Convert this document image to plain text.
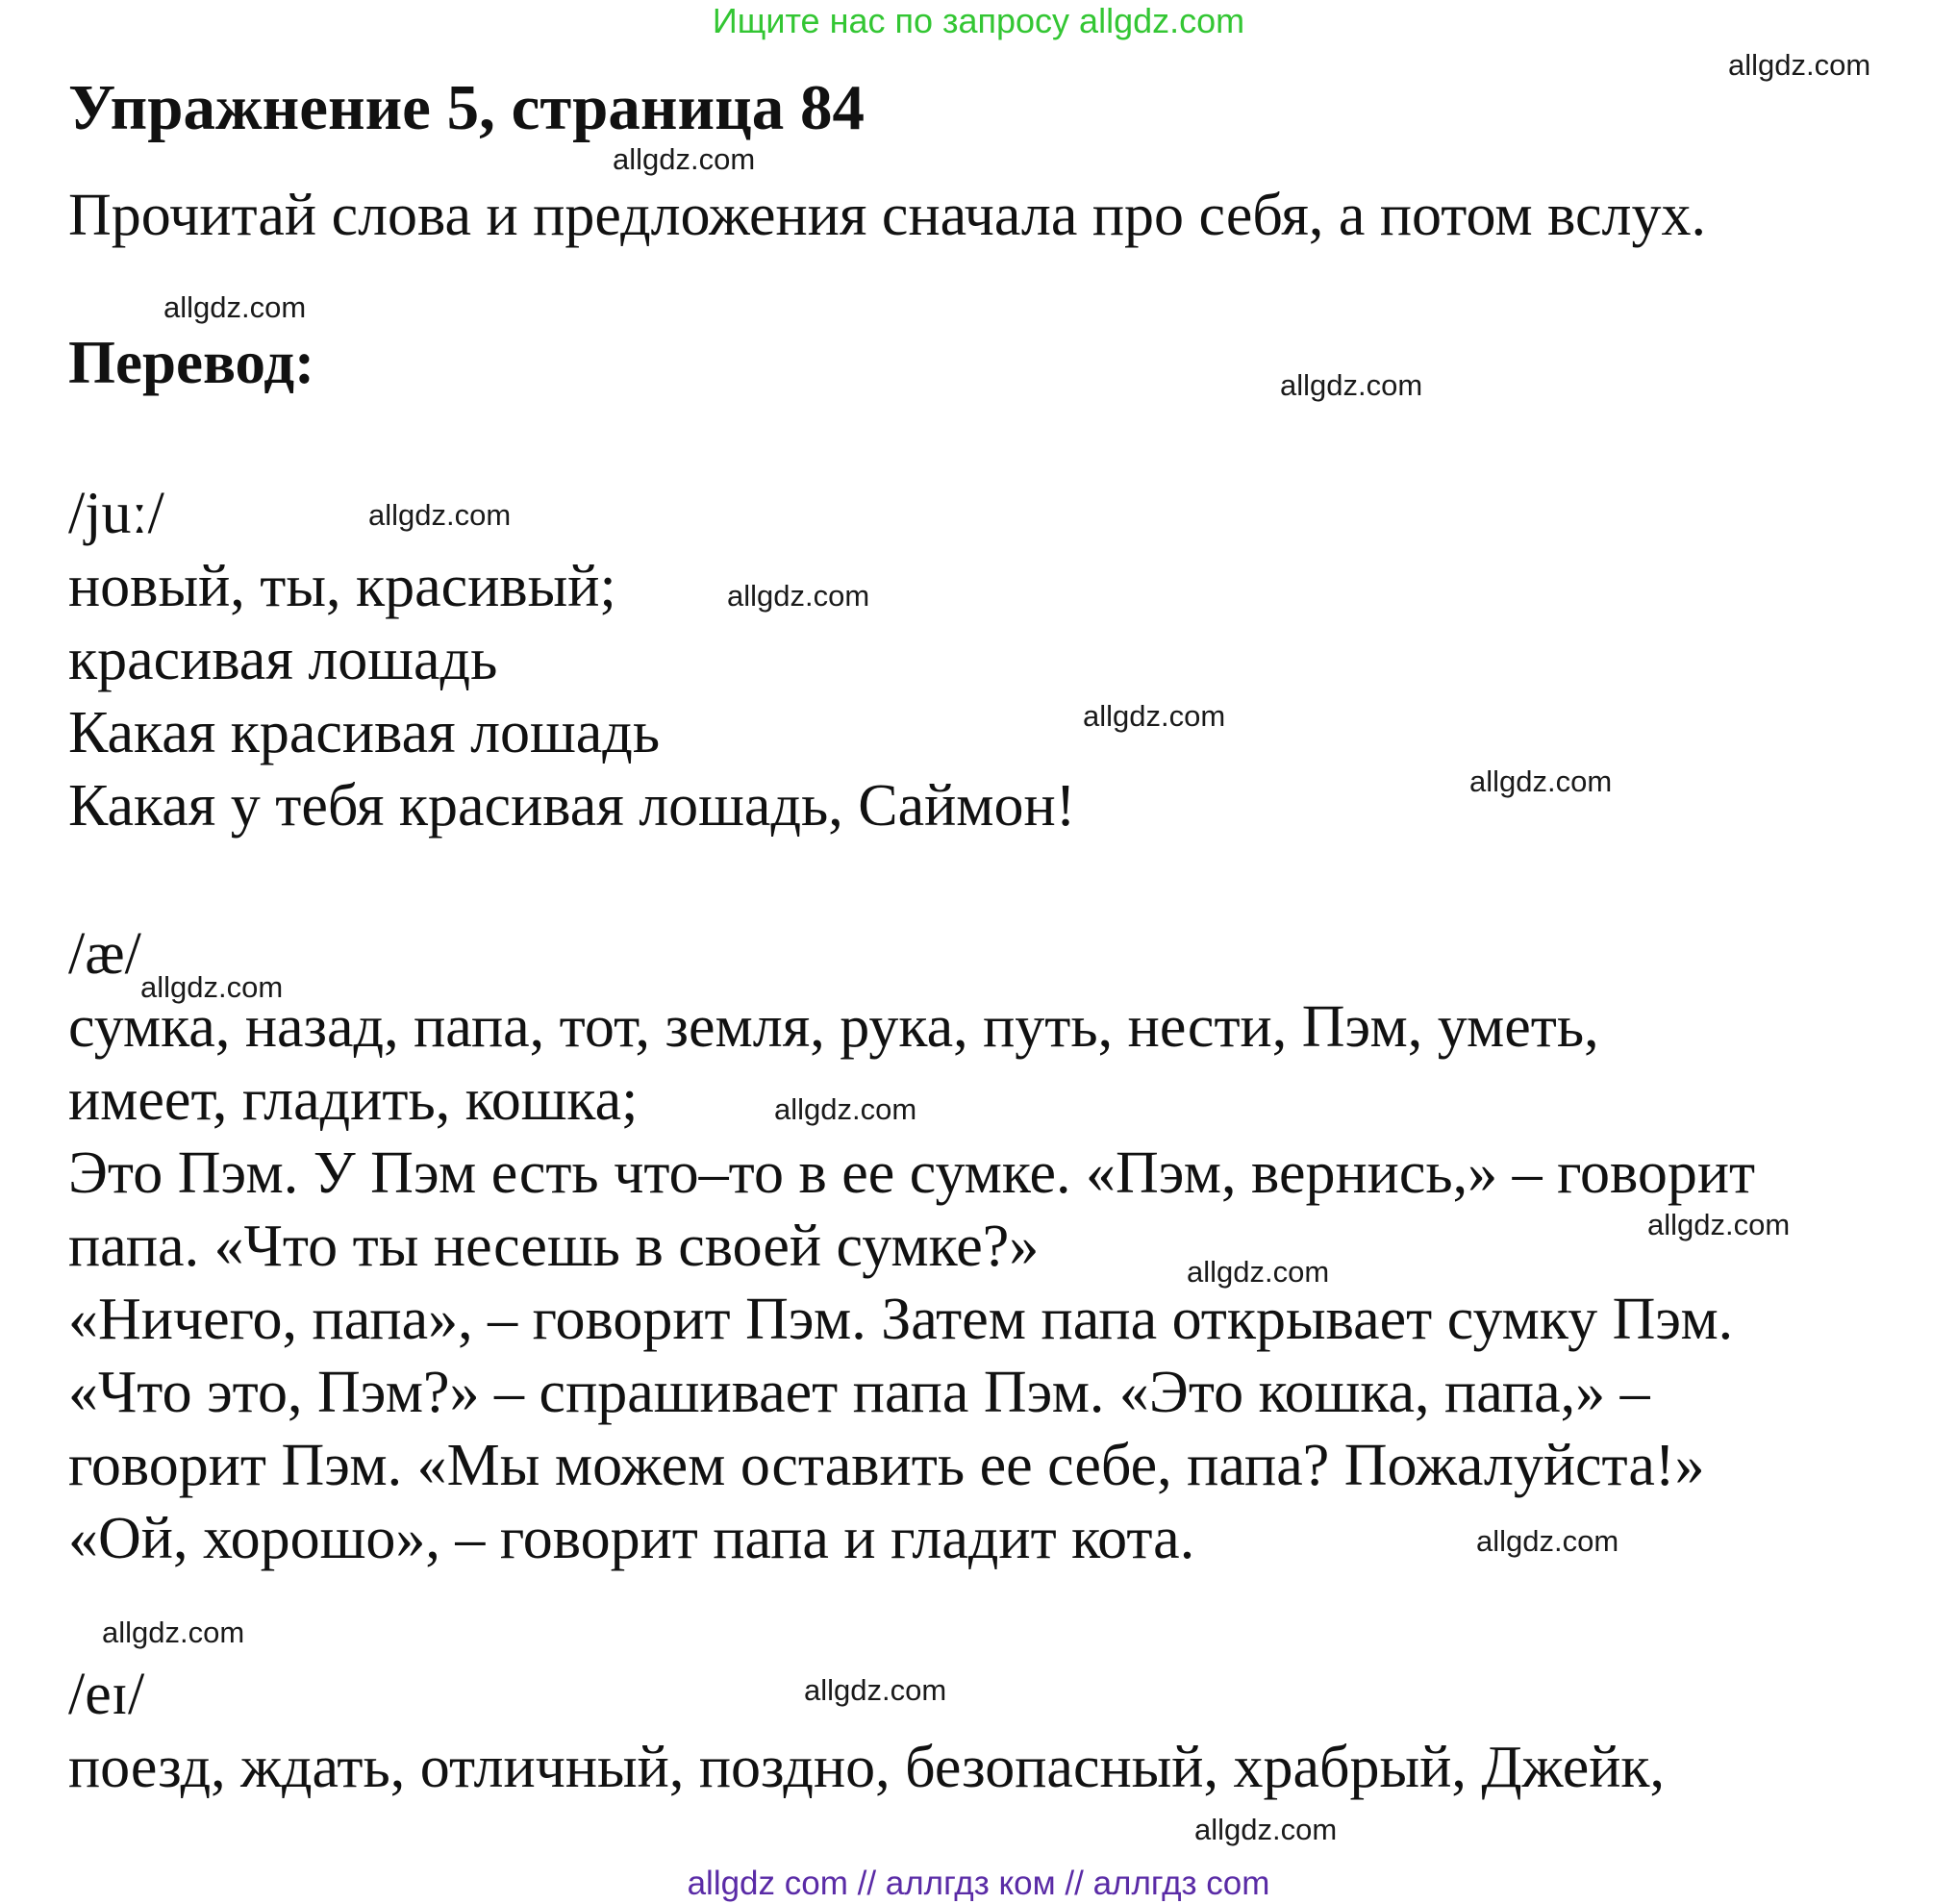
Ищите нас по запросу allgdz.com
Упражнение 5, страница 84
Прочитай слова и предложения сначала про себя, а потом вслух.
Перевод:
/juː/
новый, ты, красивый;
красивая лошадь
Какая красивая лошадь
Какая у тебя красивая лошадь, Саймон!
/æ/
сумка, назад, папа, тот, земля, рука, путь, нести, Пэм, уметь,
имеет, гладить, кошка;
Это Пэм. У Пэм есть что–то в ее сумке. «Пэм, вернись,» – говорит
папа. «Что ты несешь в своей сумке?»
«Ничего, папа», – говорит Пэм. Затем папа открывает сумку Пэм.
«Что это, Пэм?» – спрашивает папа Пэм. «Это кошка, папа,» –
говорит Пэм. «Мы можем оставить ее себе, папа? Пожалуйста!»
«Ой, хорошо», – говорит папа и гладит кота.
/eɪ/
поезд, ждать, отличный, поздно, безопасный, храбрый, Джейк,
allgdz.com
allgdz.com
allgdz.com
allgdz.com
allgdz.com
allgdz.com
allgdz.com
allgdz.com
allgdz.com
allgdz.com
allgdz.com
allgdz.com
allgdz.com
allgdz.com
allgdz.com
allgdz.com
allgdz com // аллгдз ком // аллгдз com
